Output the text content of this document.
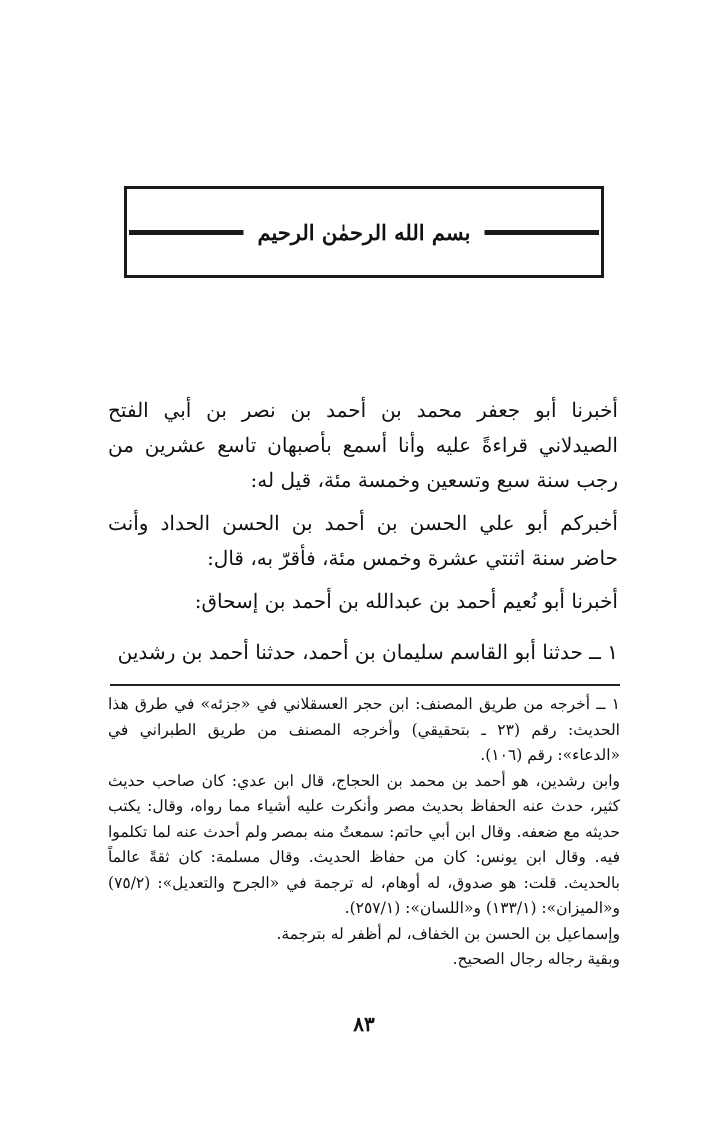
بسم الله الرحمٰن الرحيم

أخبرنا أبو جعفر محمد بن أحمد بن نصر بن أبي الفتح الصيدلاني قراءةً عليه وأنا أسمع بأصبهان تاسع عشرين من رجب سنة سبع وتسعين وخمسة مئة، قيل له:

أخبركم أبو علي الحسن بن أحمد بن الحسن الحداد وأنت حاضر سنة اثنتي عشرة وخمس مئة، فأقرّ به، قال:

أخبرنا أبو نُعيم أحمد بن عبدالله بن أحمد بن إسحاق:

١ ــ حدثنا أبو القاسم سليمان بن أحمد، حدثنا أحمد بن رشدين

١ ــ أخرجه من طريق المصنف: ابن حجر العسقلاني في «جزئه» في طرق هذا الحديث: رقم (٢٣ ـ بتحقيقي) وأخرجه المصنف من طريق الطبراني في «الدعاء»: رقم (١٠٦).

وابن رشدين، هو أحمد بن محمد بن الحجاج، قال ابن عدي: كان صاحب حديث كثير، حدث عنه الحفاظ بحديث مصر وأنكرت عليه أشياء مما رواه، وقال: يكتب حديثه مع ضعفه. وقال ابن أبي حاتم: سمعتُ منه بمصر ولم أحدث عنه لما تكلموا فيه. وقال ابن يونس: كان من حفاظ الحديث. وقال مسلمة: كان ثقةً عالماً بالحديث. قلت: هو صدوق، له أوهام، له ترجمة في «الجرح والتعديل»: (٧٥/٢) و«الميزان»: (١٣٣/١) و«اللسان»: (٢٥٧/١).

وإسماعيل بن الحسن بن الخفاف، لم أظفر له بترجمة.

وبقية رجاله رجال الصحيح.

٨٣
